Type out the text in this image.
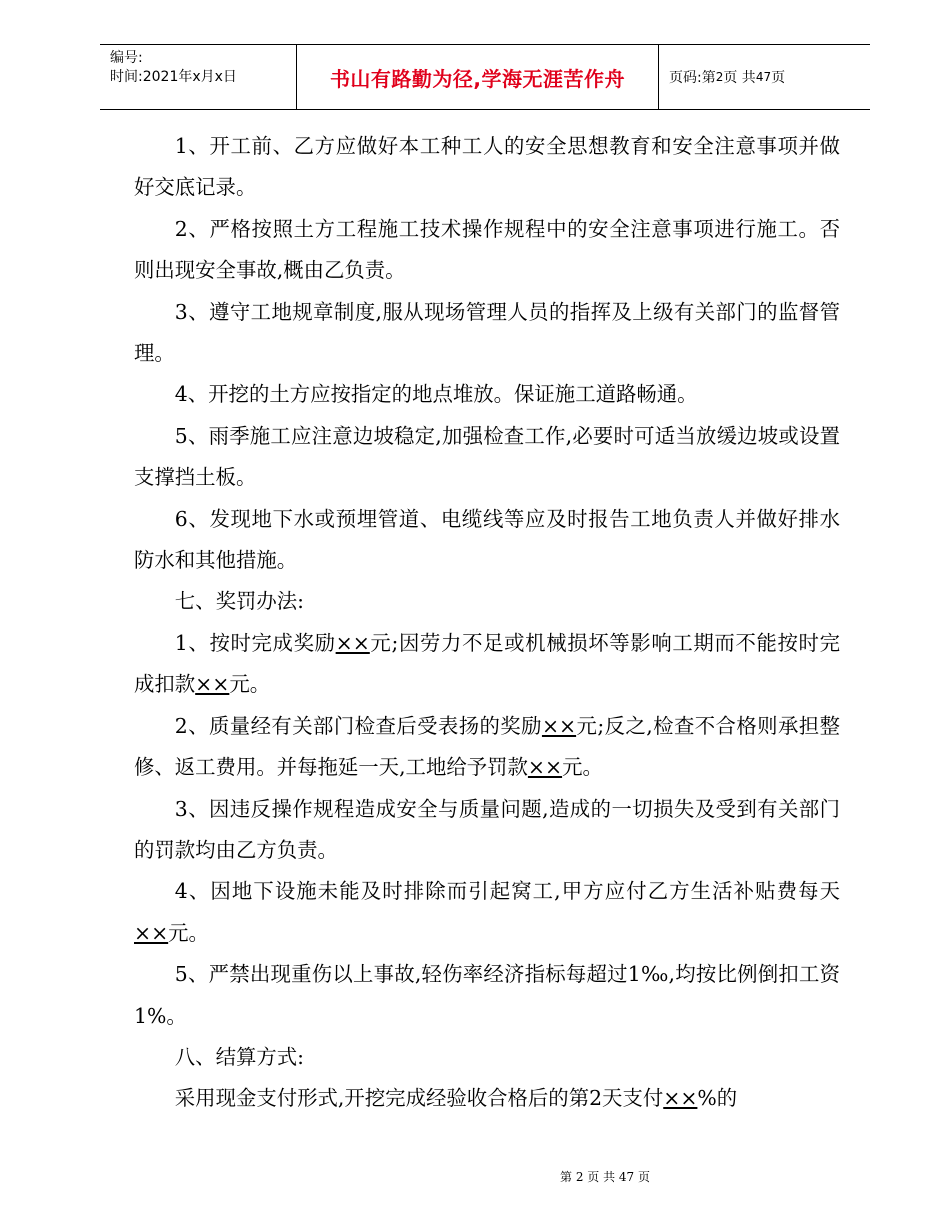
编号:
时间:2021年x月x日	书山有路勤为径,学海无涯苦作舟	页码:第 2 页 共 47 页

1、开工前、乙方应做好本工种工人的安全思想教育和安全注意事项并做好交底记录。

2、严格按照土方工程施工技术操作规程中的安全注意事项进行施工。否则出现安全事故,概由乙负责。

3、遵守工地规章制度,服从现场管理人员的指挥及上级有关部门的监督管理。

4、开挖的土方应按指定的地点堆放。保证施工道路畅通。

5、雨季施工应注意边坡稳定,加强检查工作,必要时可适当放缓边坡或设置支撑挡土板。

6、发现地下水或预埋管道、电缆线等应及时报告工地负责人并做好排水防水和其他措施。

七、奖罚办法:

1、按时完成奖励××元;因劳力不足或机械损坏等影响工期而不能按时完成扣款××元。

2、质量经有关部门检查后受表扬的奖励××元;反之,检查不合格则承担整修、返工费用。并每拖延一天,工地给予罚款××元。

3、因违反操作规程造成安全与质量问题,造成的一切损失及受到有关部门的罚款均由乙方负责。

4、因地下设施未能及时排除而引起窝工,甲方应付乙方生活补贴费每天××元。

5、严禁出现重伤以上事故,轻伤率经济指标每超过1‰,均按比例倒扣工资1%。

八、结算方式:

采用现金支付形式,开挖完成经验收合格后的第2天支付××%的

第 2 页 共 47 页
